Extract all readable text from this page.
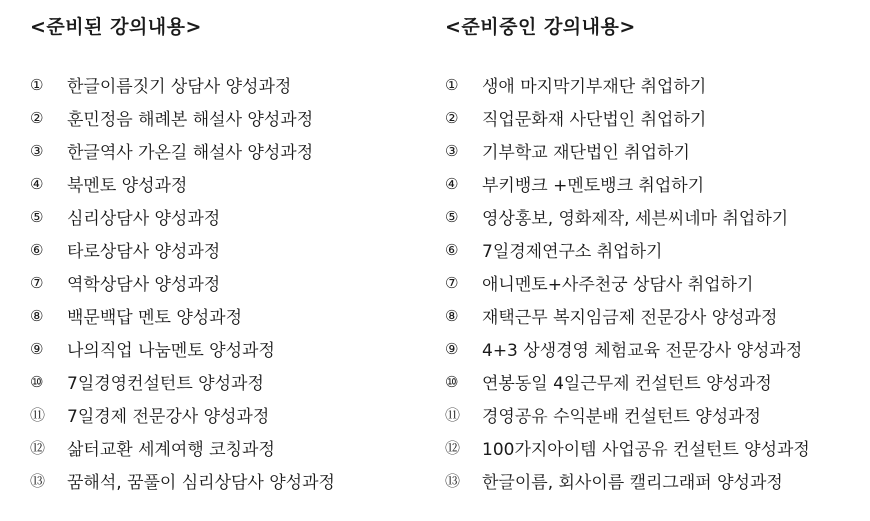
<준비된 강의내용>
①	한글이름짓기 상담사 양성과정
②	훈민정음 해례본 해설사 양성과정
③	한글역사 가온길 해설사 양성과정
④	북멘토 양성과정
⑤	심리상담사 양성과정
⑥	타로상담사 양성과정
⑦	역학상담사 양성과정
⑧	백문백답 멘토 양성과정
⑨	나의직업 나눔멘토 양성과정
⑩	7일경영컨설턴트 양성과정
⑪	7일경제 전문강사 양성과정
⑫	삶터교환 세계여행 코칭과정
⑬	꿈해석, 꿈풀이 심리상담사 양성과정
<준비중인 강의내용>
①	생애 마지막기부재단 취업하기
②	직업문화재 사단법인 취업하기
③	기부학교 재단법인 취업하기
④	부키뱅크 +멘토뱅크 취업하기
⑤	영상홍보, 영화제작, 세븐씨네마 취업하기
⑥	7일경제연구소 취업하기
⑦	애니멘토+사주천궁 상담사 취업하기
⑧	재택근무 복지임금제 전문강사 양성과정
⑨	4+3 상생경영 체험교육 전문강사 양성과정
⑩	연봉동일 4일근무제 컨설턴트 양성과정
⑪	경영공유 수익분배 컨설턴트 양성과정
⑫	100가지아이템 사업공유 컨설턴트 양성과정
⑬	한글이름, 회사이름 캘리그래퍼 양성과정
